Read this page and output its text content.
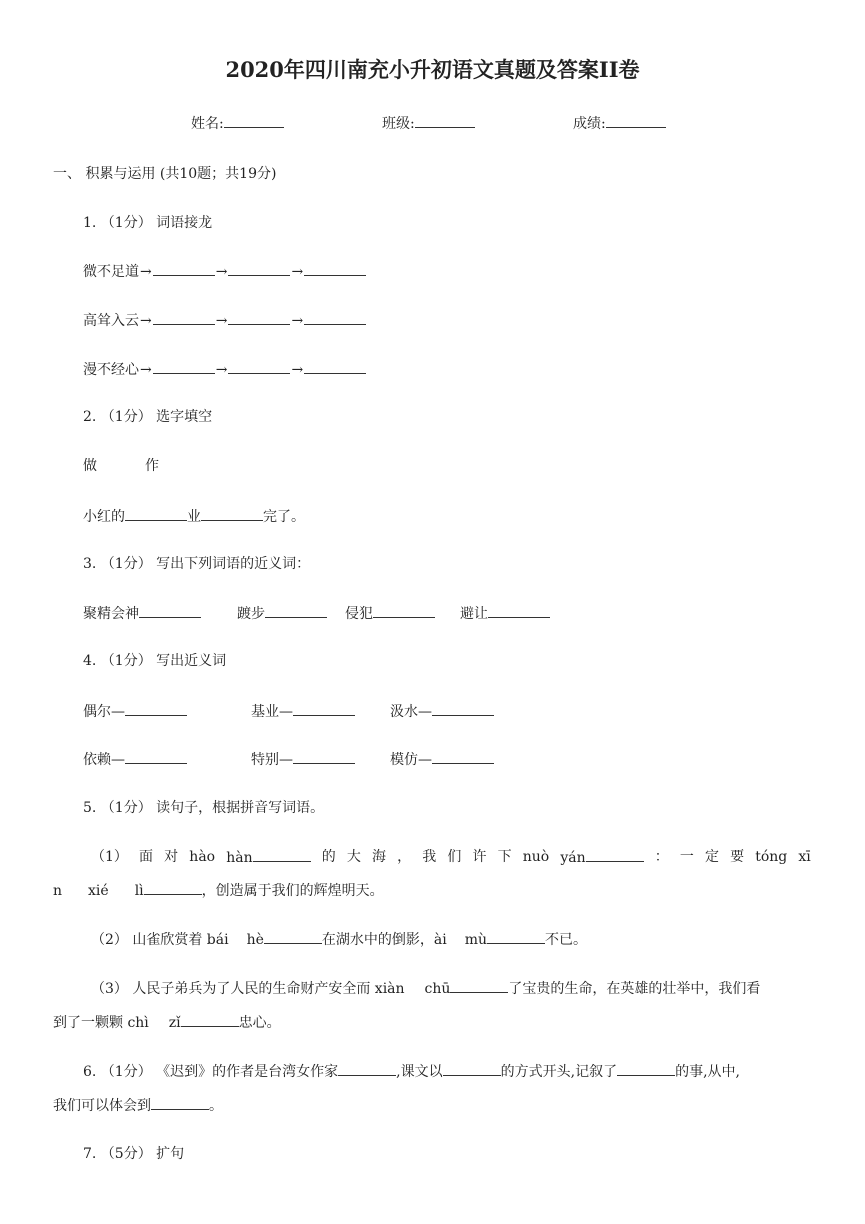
2020年四川南充小升初语文真题及答案II卷
姓名:	班级:	成绩:
一、 积累与运用 (共10题；共19分)
1. （1分） 词语接龙
微不足道→	→	→
高耸入云→	→	→
漫不经心→	→	→
2. （1分） 选字填空
做	作
小红的	业	完了。
3. （1分） 写出下列词语的近义词：
聚精会神	踱步	侵犯	避让
4. （1分） 写出近义词
偶尔—	基业—	汲水—
依赖—	特别—	模仿—
5. （1分） 读句子，根据拼音写词语。
（1） 面 对 hào hàn	的 大 海 ， 我 们 许 下 nuò yán	： 一 定 要 tóng xī
n xié lì	，创造属于我们的辉煌明天。
（2） 山雀欣赏着 bái hè	在湖水中的倒影，ài mù	不已。
（3） 人民子弟兵为了人民的生命财产安全而 xiàn chū	了宝贵的生命，在英雄的壮举中，我们看
到了一颗颗 chì zǐ	忠心。
6. （1分） 《迟到》的作者是台湾女作家	,课文以	的方式开头,记叙了	的事,从中,
我们可以体会到	。
7. （5分） 扩句
